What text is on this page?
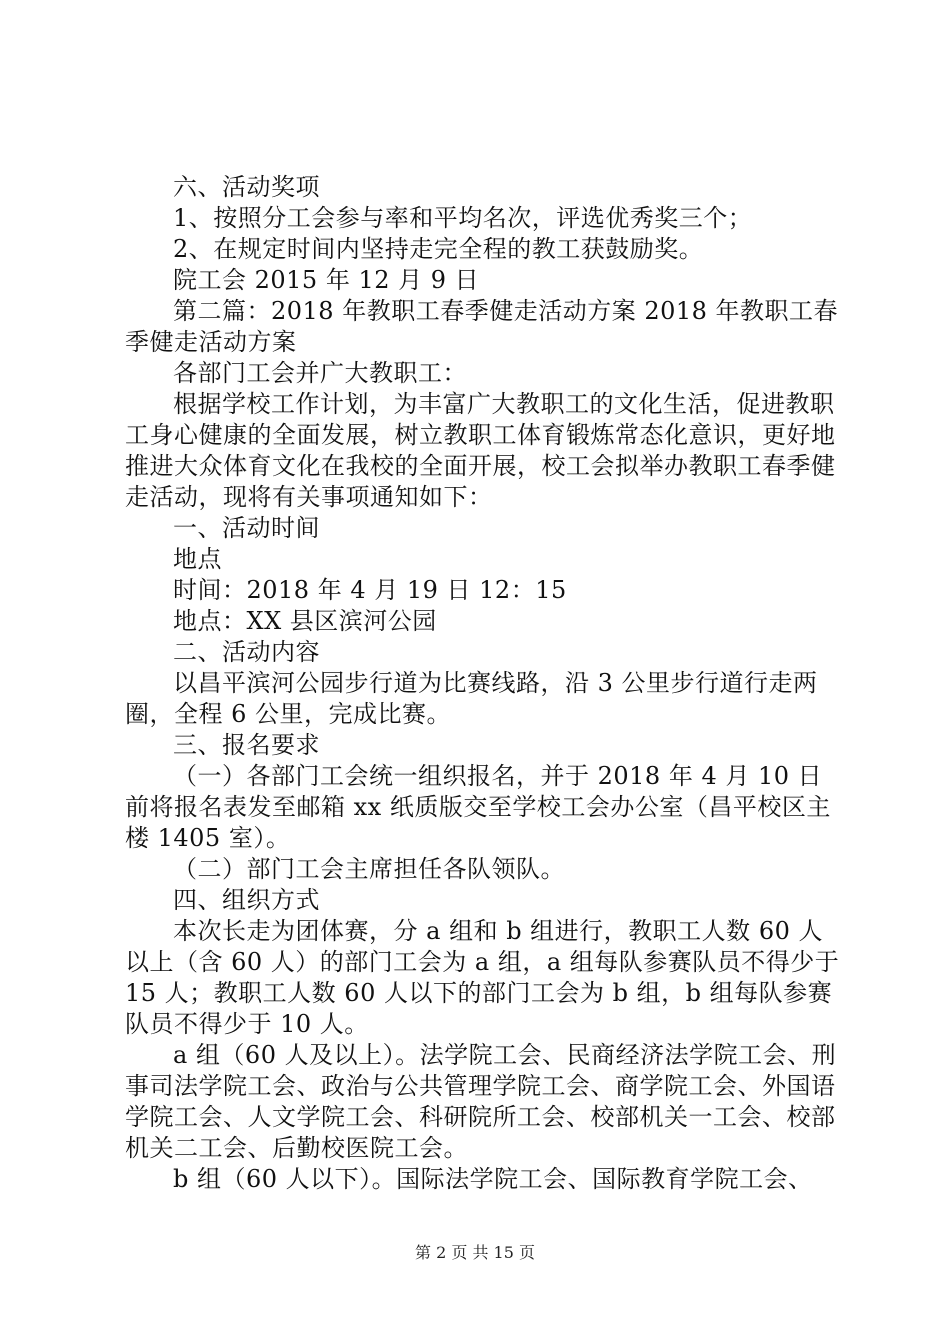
六、活动奖项

1、按照分工会参与率和平均名次，评选优秀奖三个；

2、在规定时间内坚持走完全程的教工获鼓励奖。

院工会 2015 年 12 月 9 日

第二篇：2018 年教职工春季健走活动方案 2018 年教职工春季健走活动方案

各部门工会并广大教职工：

根据学校工作计划，为丰富广大教职工的文化生活，促进教职工身心健康的全面发展，树立教职工体育锻炼常态化意识，更好地推进大众体育文化在我校的全面开展，校工会拟举办教职工春季健走活动，现将有关事项通知如下：

一、活动时间

地点

时间：2018 年 4 月 19 日 12：15

地点：XX 县区滨河公园

二、活动内容

以昌平滨河公园步行道为比赛线路，沿 3 公里步行道行走两圈，全程 6 公里，完成比赛。

三、报名要求

（一）各部门工会统一组织报名，并于 2018 年 4 月 10 日前将报名表发至邮箱 xx 纸质版交至学校工会办公室（昌平校区主楼 1405 室）。

（二）部门工会主席担任各队领队。

四、组织方式

本次长走为团体赛，分 a 组和 b 组进行，教职工人数 60 人以上（含 60 人）的部门工会为 a 组，a 组每队参赛队员不得少于 15 人；教职工人数 60 人以下的部门工会为 b 组，b 组每队参赛队员不得少于 10 人。

a 组（60 人及以上）。法学院工会、民商经济法学院工会、刑事司法学院工会、政治与公共管理学院工会、商学院工会、外国语学院工会、人文学院工会、科研院所工会、校部机关一工会、校部机关二工会、后勤校医院工会。

b 组（60 人以下）。国际法学院工会、国际教育学院工会、

第 2 页 共 15 页
